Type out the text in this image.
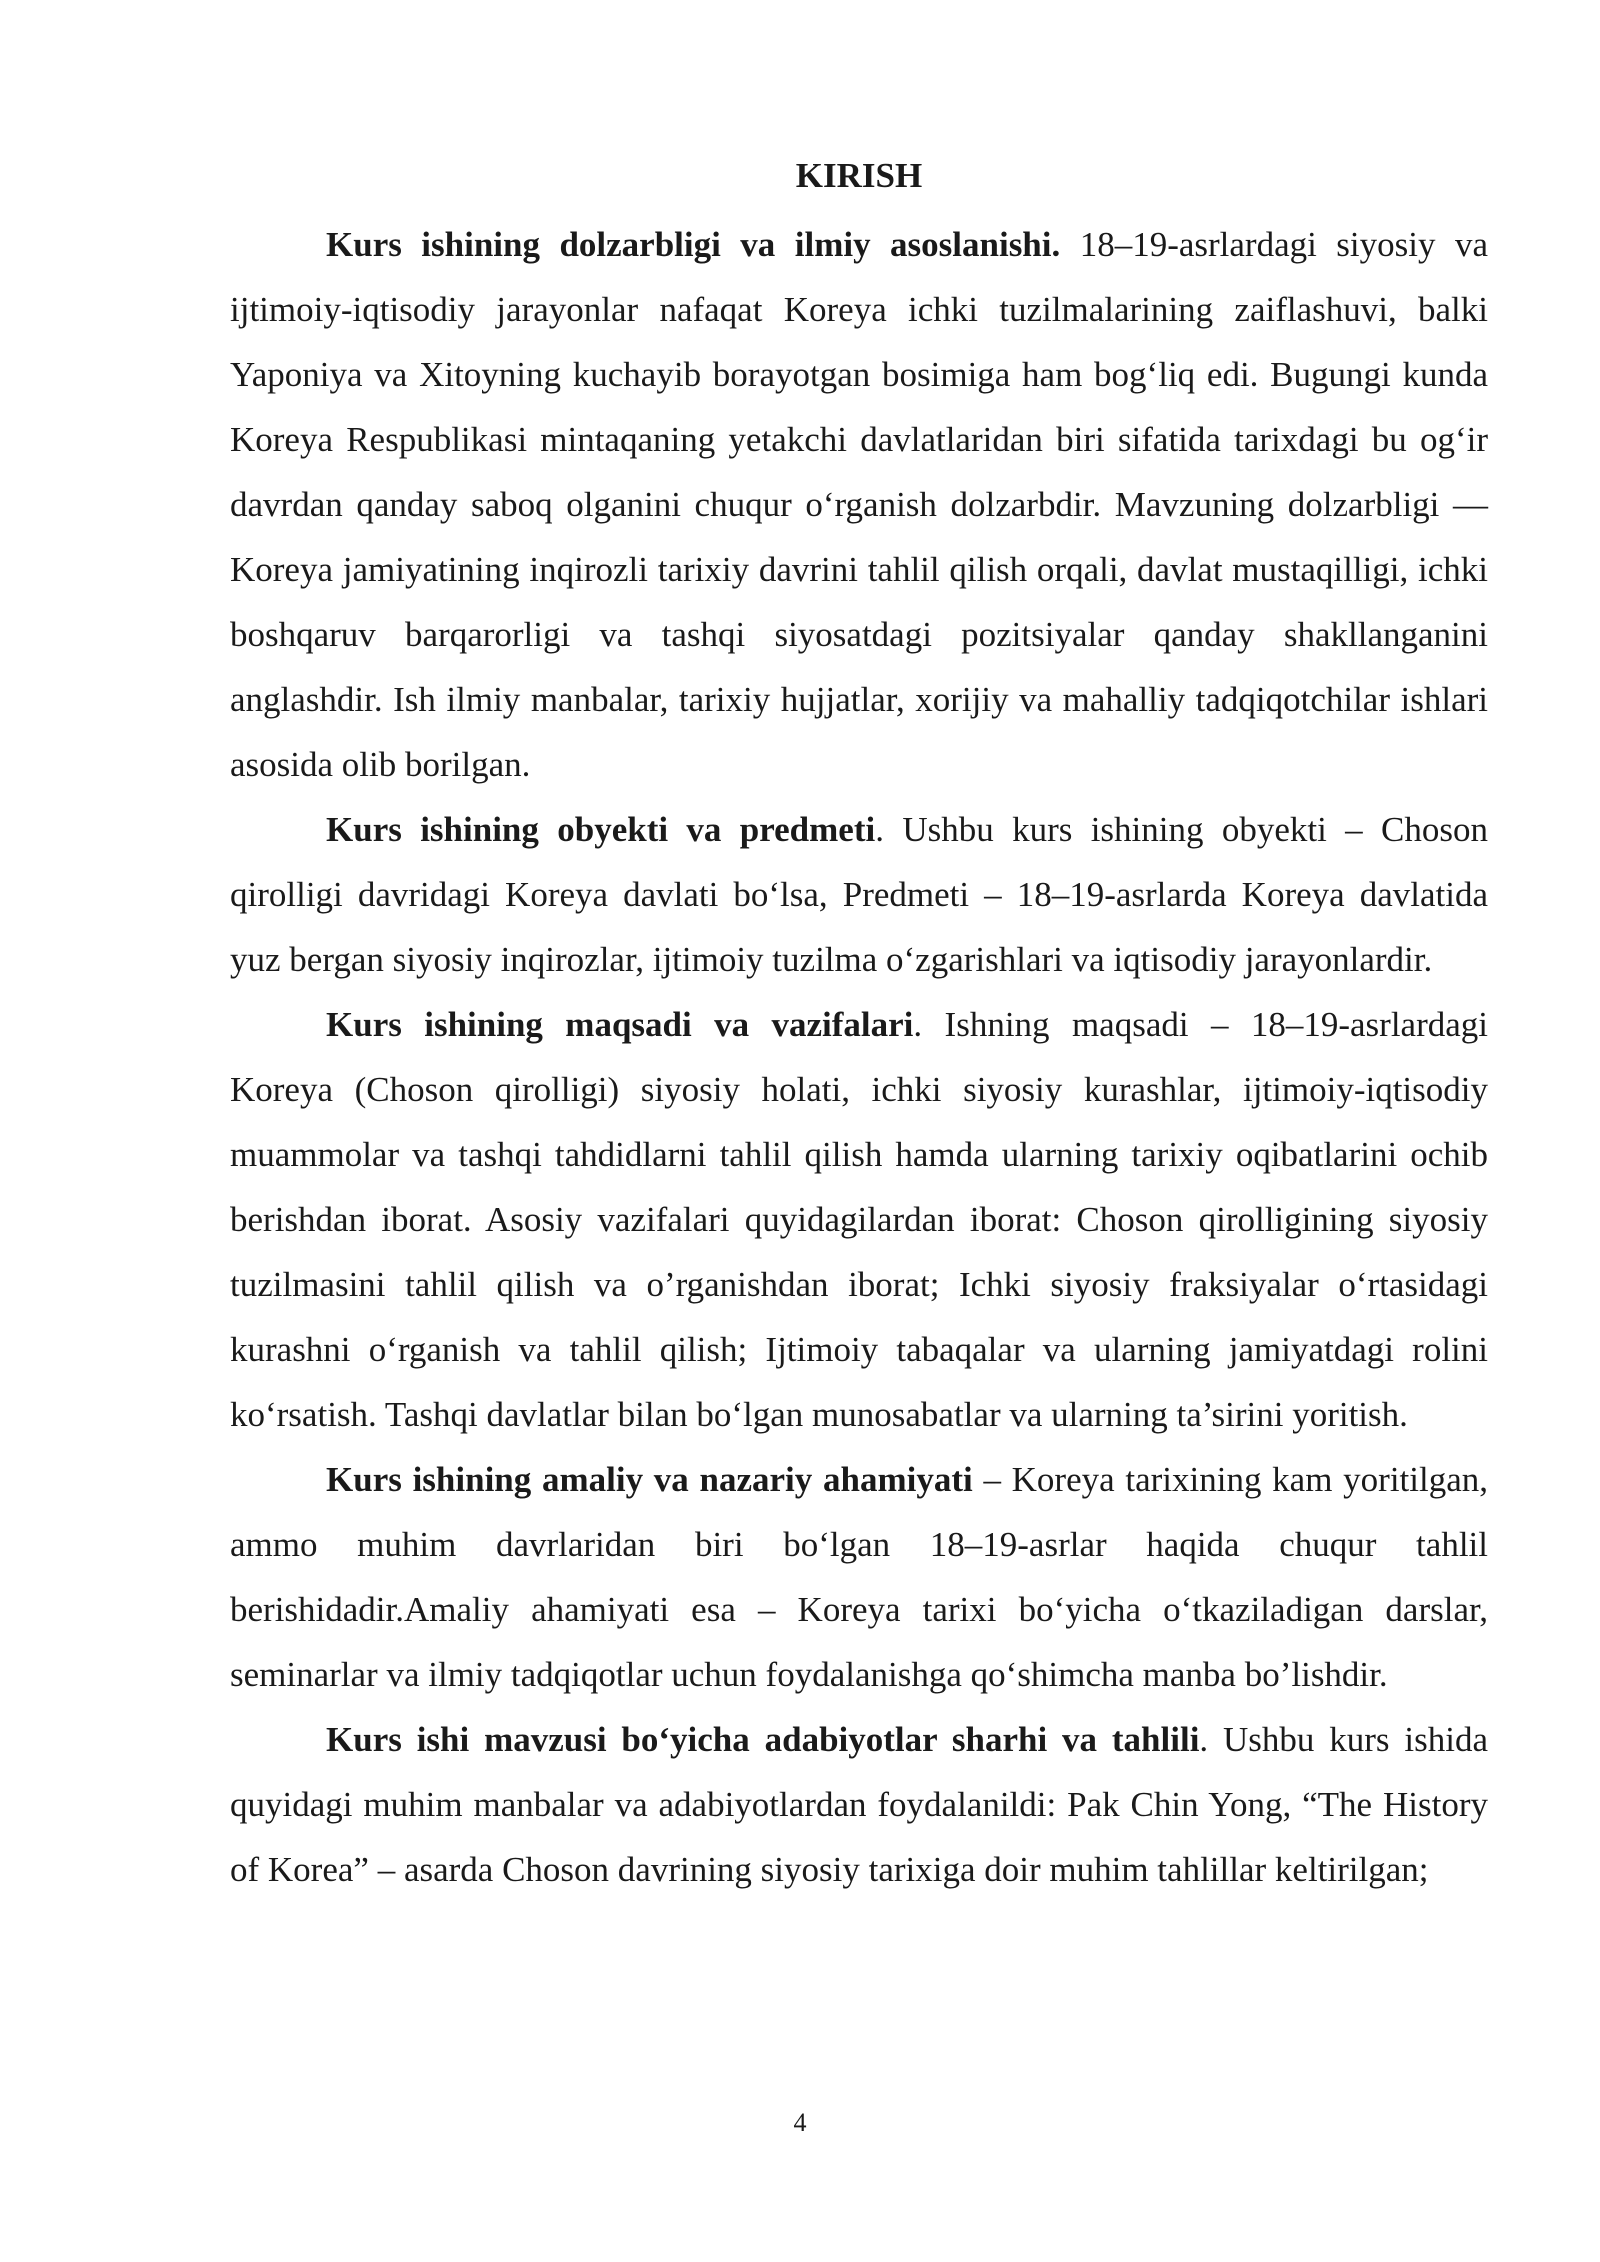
KIRISH

Kurs ishining dolzarbligi va ilmiy asoslanishi. 18–19-asrlardagi siyosiy va ijtimoiy-iqtisodiy jarayonlar nafaqat Koreya ichki tuzilmalarining zaiflashuvi, balki Yaponiya va Xitoyning kuchayib borayotgan bosimiga ham bog‘liq edi. Bugungi kunda Koreya Respublikasi mintaqaning yetakchi davlatlaridan biri sifatida tarixdagi bu og‘ir davrdan qanday saboq olganini chuqur o‘rganish dolzarbdir. Mavzuning dolzarbligi — Koreya jamiyatining inqirozli tarixiy davrini tahlil qilish orqali, davlat mustaqilligi, ichki boshqaruv barqarorligi va tashqi siyosatdagi pozitsiyalar qanday shakllanganini anglashdir. Ish ilmiy manbalar, tarixiy hujjatlar, xorijiy va mahalliy tadqiqotchilar ishlari asosida olib borilgan.

Kurs ishining obyekti va predmeti. Ushbu kurs ishining obyekti – Choson qirolligi davridagi Koreya davlati bo‘lsa, Predmeti – 18–19-asrlarda Koreya davlatida yuz bergan siyosiy inqirozlar, ijtimoiy tuzilma o‘zgarishlari va iqtisodiy jarayonlardir.

Kurs ishining maqsadi va vazifalari. Ishning maqsadi – 18–19-asrlardagi Koreya (Choson qirolligi) siyosiy holati, ichki siyosiy kurashlar, ijtimoiy-iqtisodiy muammolar va tashqi tahdidlarni tahlil qilish hamda ularning tarixiy oqibatlarini ochib berishdan iborat. Asosiy vazifalari quyidagilardan iborat: Choson qirolligining siyosiy tuzilmasini tahlil qilish va o’rganishdan iborat; Ichki siyosiy fraksiyalar o‘rtasidagi kurashni o‘rganish va tahlil qilish; Ijtimoiy tabaqalar va ularning jamiyatdagi rolini ko‘rsatish. Tashqi davlatlar bilan bo‘lgan munosabatlar va ularning ta’sirini yoritish.

Kurs ishining amaliy va nazariy ahamiyati – Koreya tarixining kam yoritilgan, ammo muhim davrlaridan biri bo‘lgan 18–19-asrlar haqida chuqur tahlil berishidadir.Amaliy ahamiyati esa – Koreya tarixi bo‘yicha o‘tkaziladigan darslar, seminarlar va ilmiy tadqiqotlar uchun foydalanishga qo‘shimcha manba bo’lishdir.

Kurs ishi mavzusi bo‘yicha adabiyotlar sharhi va tahlili. Ushbu kurs ishida quyidagi muhim manbalar va adabiyotlardan foydalanildi: Pak Chin Yong, “The History of Korea” – asarda Choson davrining siyosiy tarixiga doir muhim tahlillar keltirilgan;

4
